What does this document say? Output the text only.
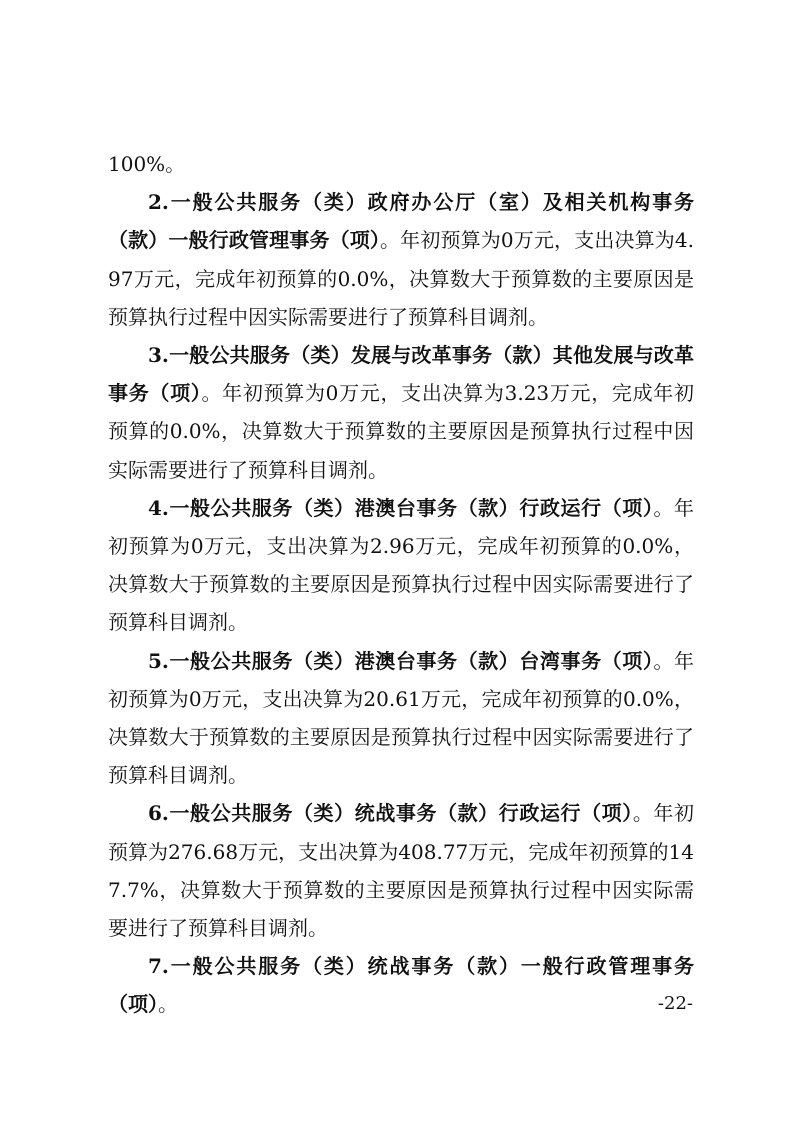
100%。

2.一般公共服务（类）政府办公厅（室）及相关机构事务（款）一般行政管理事务（项）。年初预算为0万元，支出决算为4.97万元，完成年初预算的0.0%，决算数大于预算数的主要原因是预算执行过程中因实际需要进行了预算科目调剂。

3.一般公共服务（类）发展与改革事务（款）其他发展与改革事务（项）。年初预算为0万元，支出决算为3.23万元，完成年初预算的0.0%，决算数大于预算数的主要原因是预算执行过程中因实际需要进行了预算科目调剂。

4.一般公共服务（类）港澳台事务（款）行政运行（项）。年初预算为0万元，支出决算为2.96万元，完成年初预算的0.0%，决算数大于预算数的主要原因是预算执行过程中因实际需要进行了预算科目调剂。

5.一般公共服务（类）港澳台事务（款）台湾事务（项）。年初预算为0万元，支出决算为20.61万元，完成年初预算的0.0%，决算数大于预算数的主要原因是预算执行过程中因实际需要进行了预算科目调剂。

6.一般公共服务（类）统战事务（款）行政运行（项）。年初预算为276.68万元，支出决算为408.77万元，完成年初预算的147.7%，决算数大于预算数的主要原因是预算执行过程中因实际需要进行了预算科目调剂。

7.一般公共服务（类）统战事务（款）一般行政管理事务（项）。	-22-
